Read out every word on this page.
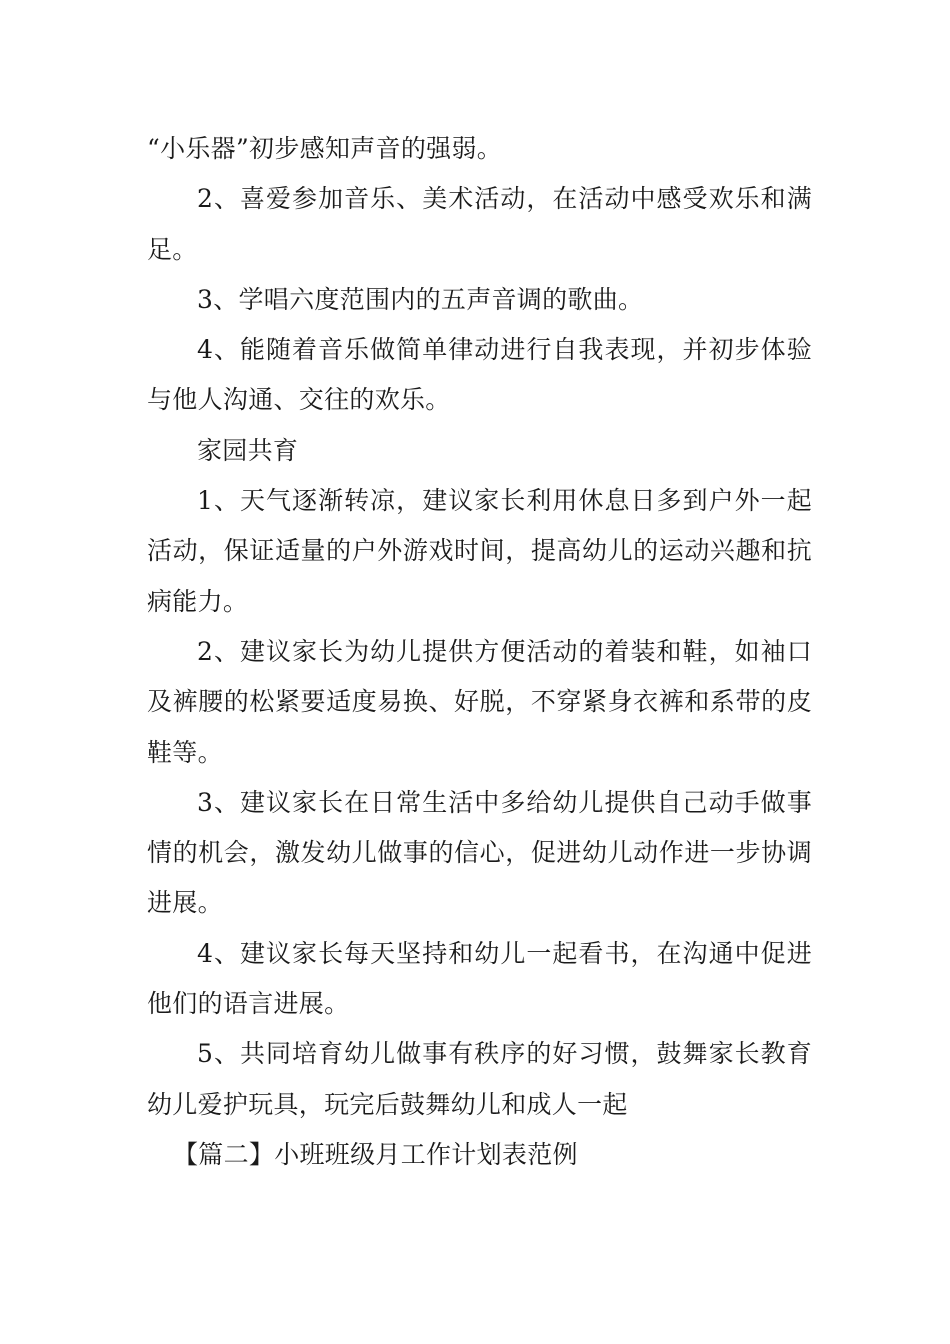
“小乐器”初步感知声音的强弱。

2、喜爱参加音乐、美术活动，在活动中感受欢乐和满足。

3、学唱六度范围内的五声音调的歌曲。

4、能随着音乐做简单律动进行自我表现，并初步体验与他人沟通、交往的欢乐。

家园共育

1、天气逐渐转凉，建议家长利用休息日多到户外一起活动，保证适量的户外游戏时间，提高幼儿的运动兴趣和抗病能力。

2、建议家长为幼儿提供方便活动的着装和鞋，如袖口及裤腰的松紧要适度易换、好脱，不穿紧身衣裤和系带的皮鞋等。

3、建议家长在日常生活中多给幼儿提供自己动手做事情的机会，激发幼儿做事的信心，促进幼儿动作进一步协调进展。

4、建议家长每天坚持和幼儿一起看书，在沟通中促进他们的语言进展。

5、共同培育幼儿做事有秩序的好习惯，鼓舞家长教育幼儿爱护玩具，玩完后鼓舞幼儿和成人一起

【篇二】小班班级月工作计划表范例
